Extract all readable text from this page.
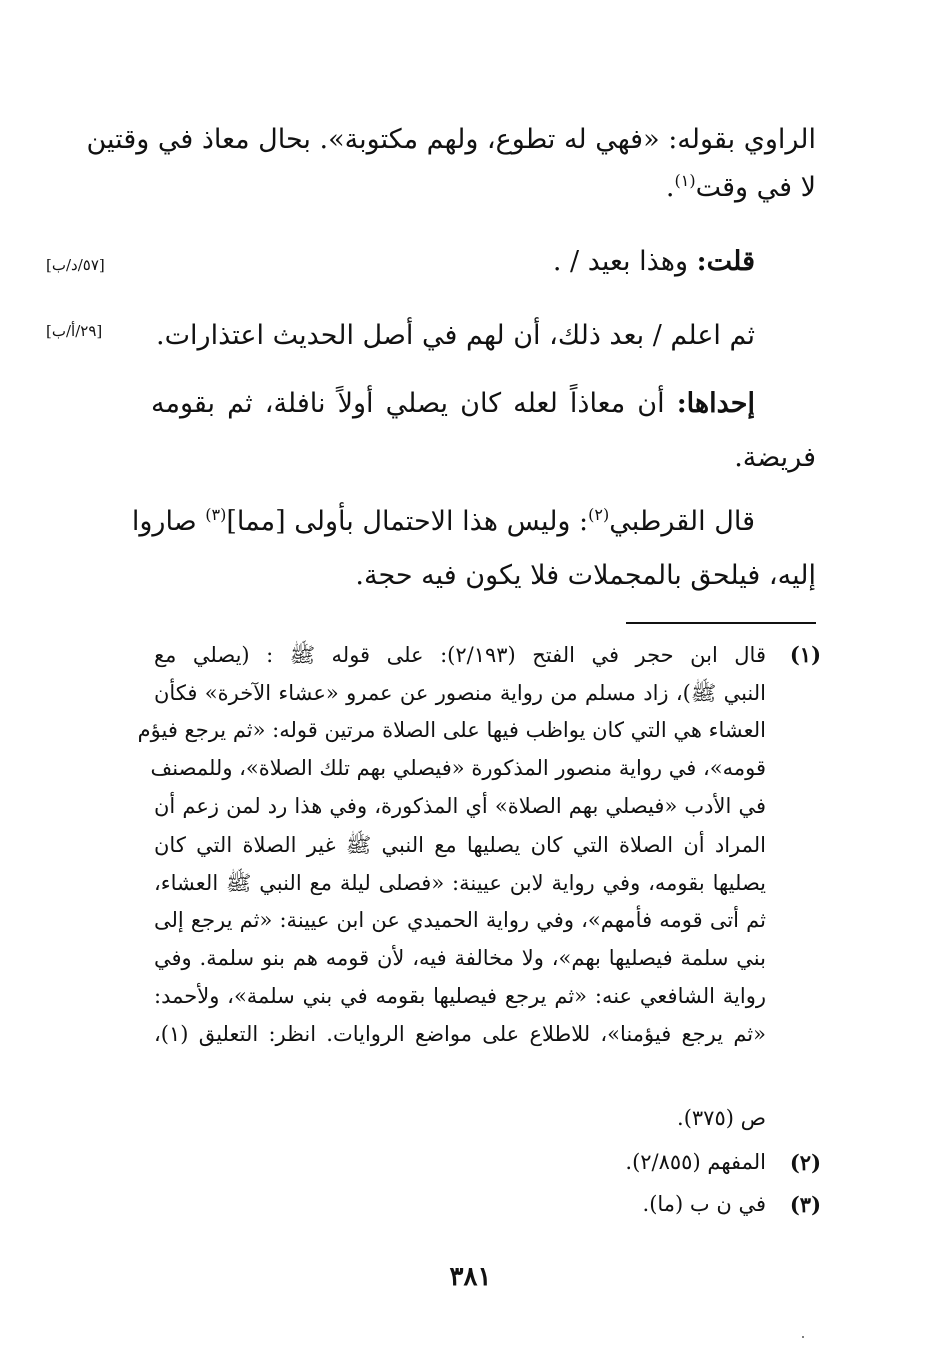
الراوي بقوله: «فهي له تطوع، ولهم مكتوبة». بحال معاذ في وقتين
لا في وقت$^{(١)}$.
قلت: وهذا بعيد / .
[٥٧/د/ب]
ثم اعلم / بعد ذلك، أن لهم في أصل الحديث اعتذارات.
[٢٩/أ/ب]
إحداها: أن معاذاً لعله كان يصلي أولاً نافلة، ثم بقومه
فريضة.
قال القرطبي$^{(٢)}$: وليس هذا الاحتمال بأولى [مما]$^{(٣)}$ صاروا
إليه، فيلحق بالمجملات فلا يكون فيه حجة.
(١)
قال ابن حجر في الفتح (٢/١٩٣): على قوله ﷺ : (يصلي مع
النبي ﷺ)، زاد مسلم من رواية منصور عن عمرو «عشاء الآخرة» فكأن
العشاء هي التي كان يواظب فيها على الصلاة مرتين قوله: «ثم يرجع فيؤم
قومه»، في رواية منصور المذكورة «فيصلي بهم تلك الصلاة»، وللمصنف
في الأدب «فيصلي بهم الصلاة» أي المذكورة، وفي هذا رد لمن زعم أن
المراد أن الصلاة التي كان يصليها مع النبي ﷺ غير الصلاة التي كان
يصليها بقومه، وفي رواية لابن عيينة: «فصلى ليلة مع النبي ﷺ العشاء،
ثم أتى قومه فأمهم»، وفي رواية الحميدي عن ابن عيينة: «ثم يرجع إلى
بني سلمة فيصليها بهم»، ولا مخالفة فيه، لأن قومه هم بنو سلمة. وفي
رواية الشافعي عنه: «ثم يرجع فيصليها بقومه في بني سلمة»، ولأحمد:
«ثم يرجع فيؤمنا»، للاطلاع على مواضع الروايات. انظر: التعليق (١)،
ص (٣٧٥).
(٢)
المفهم (٢/٨٥٥).
(٣)
في ن ب (ما).
٣٨١
